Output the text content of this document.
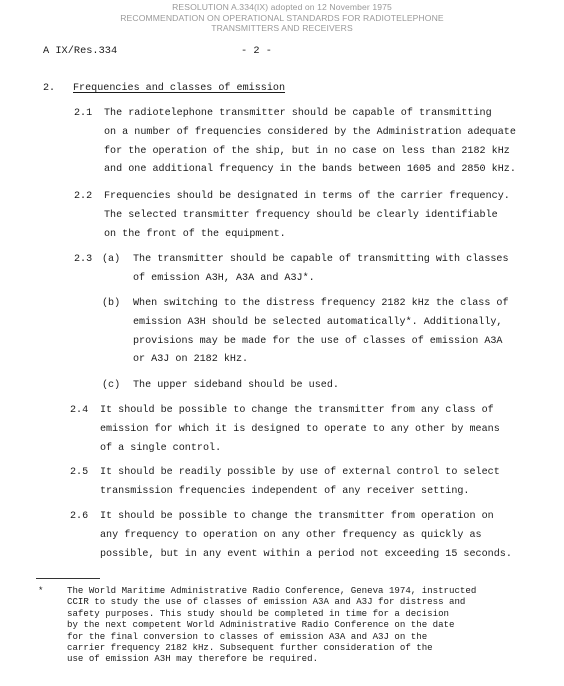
RESOLUTION A.334(IX) adopted on 12 November 1975
RECOMMENDATION ON OPERATIONAL STANDARDS FOR RADIOTELEPHONE
TRANSMITTERS AND RECEIVERS
A IX/Res.334	- 2 -
2. Frequencies and classes of emission
2.1 The radiotelephone transmitter should be capable of transmitting
on a number of frequencies considered by the Administration adequate
for the operation of the ship, but in no case on less than 2182 kHz
and one additional frequency in the bands between 1605 and 2850 kHz.
2.2 Frequencies should be designated in terms of the carrier frequency.
The selected transmitter frequency should be clearly identifiable
on the front of the equipment.
2.3 (a) The transmitter should be capable of transmitting with classes
of emission A3H, A3A and A3J*.
(b) When switching to the distress frequency 2182 kHz the class of
emission A3H should be selected automatically*. Additionally,
provisions may be made for the use of classes of emission A3A
or A3J on 2182 kHz.
(c) The upper sideband should be used.
2.4 It should be possible to change the transmitter from any class of
emission for which it is designed to operate to any other by means
of a single control.
2.5 It should be readily possible by use of external control to select
transmission frequencies independent of any receiver setting.
2.6 It should be possible to change the transmitter from operation on
any frequency to operation on any other frequency as quickly as
possible, but in any event within a period not exceeding 15 seconds.
*	The World Maritime Administrative Radio Conference, Geneva 1974, instructed
CCIR to study the use of classes of emission A3A and A3J for distress and
safety purposes. This study should be completed in time for a decision
by the next competent World Administrative Radio Conference on the date
for the final conversion to classes of emission A3A and A3J on the
carrier frequency 2182 kHz. Subsequent further consideration of the
use of emission A3H may therefore be required.
